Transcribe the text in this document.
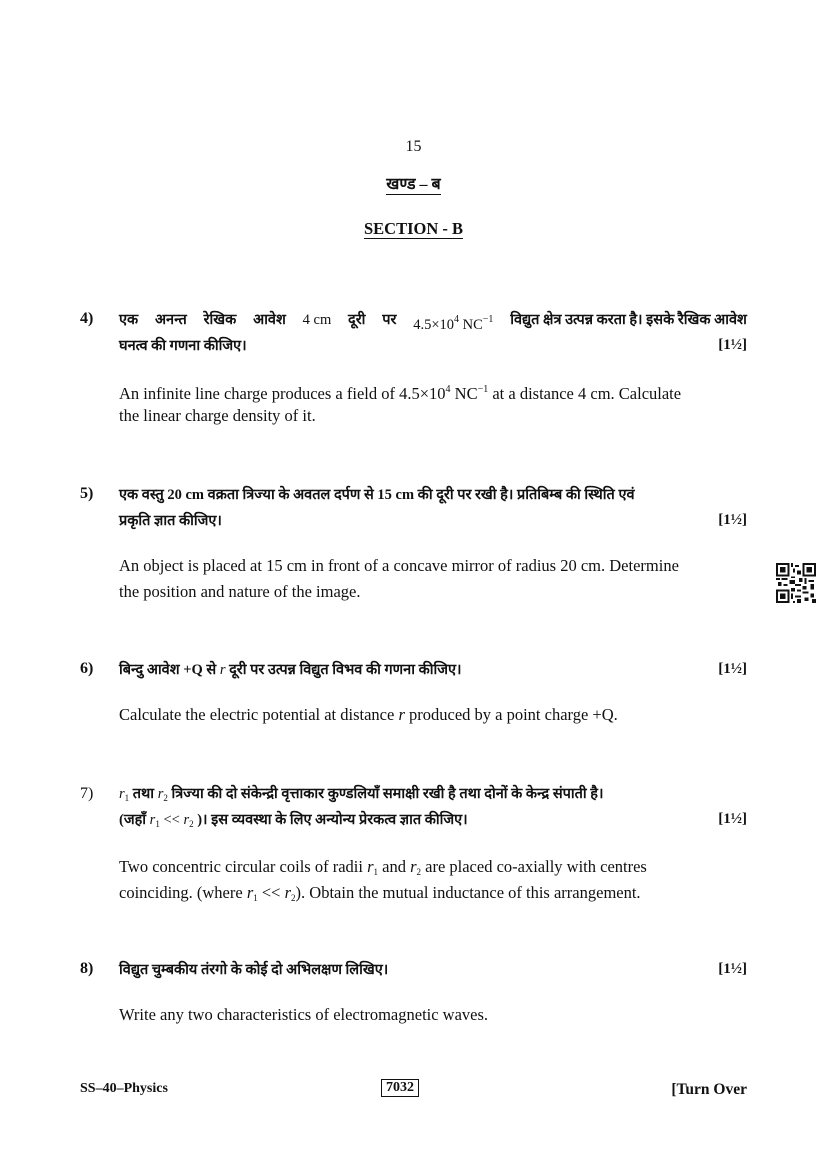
15
खण्ड – ब
SECTION - B
4) एक अनन्त रेखिक आवेश 4 cm दूरी पर $4.5\times 10^4$ $NC^{-1}$ विद्युत क्षेत्र उत्पन्न करता है। इसके रैखिक आवेश
घनत्व की गणना कीजिए।	[1½]
An infinite line charge produces a field of $4.5\times 10^4$ $NC^{-1}$ at a distance 4 cm. Calculate
the linear charge density of it.
5) एक वस्तु 20 cm वक्रता त्रिज्या के अवतल दर्पण से 15 cm की दूरी पर रखी है। प्रतिबिम्ब की स्थिति एवं
प्रकृति ज्ञात कीजिए।	[1½]
An object is placed at 15 cm in front of a concave mirror of radius 20 cm. Determine
the position and nature of the image.
6) बिन्दु आवेश +Q से r दूरी पर उत्पन्न विद्युत विभव की गणना कीजिए।	[1½]
Calculate the electric potential at distance r produced by a point charge +Q.
7) $r_1$ तथा $r_2$ त्रिज्या की दो संकेन्द्री वृत्ताकार कुण्डलियाँ समाक्षी रखी है तथा दोनों के केन्द्र संपाती है।
(जहाँ $r_1 << r_2$ )। इस व्यवस्था के लिए अन्योन्य प्रेरकत्व ज्ञात कीजिए।	[1½]
Two concentric circular coils of radii $r_1$ and $r_2$ are placed co-axially with centres
coinciding. (where $r_1 << r_2$). Obtain the mutual inductance of this arrangement.
8) विद्युत चुम्बकीय तंरगो के कोई दो अभिलक्षण लिखिए।	[1½]
Write any two characteristics of electromagnetic waves.
SS–40–Physics	7032	[Turn Over
